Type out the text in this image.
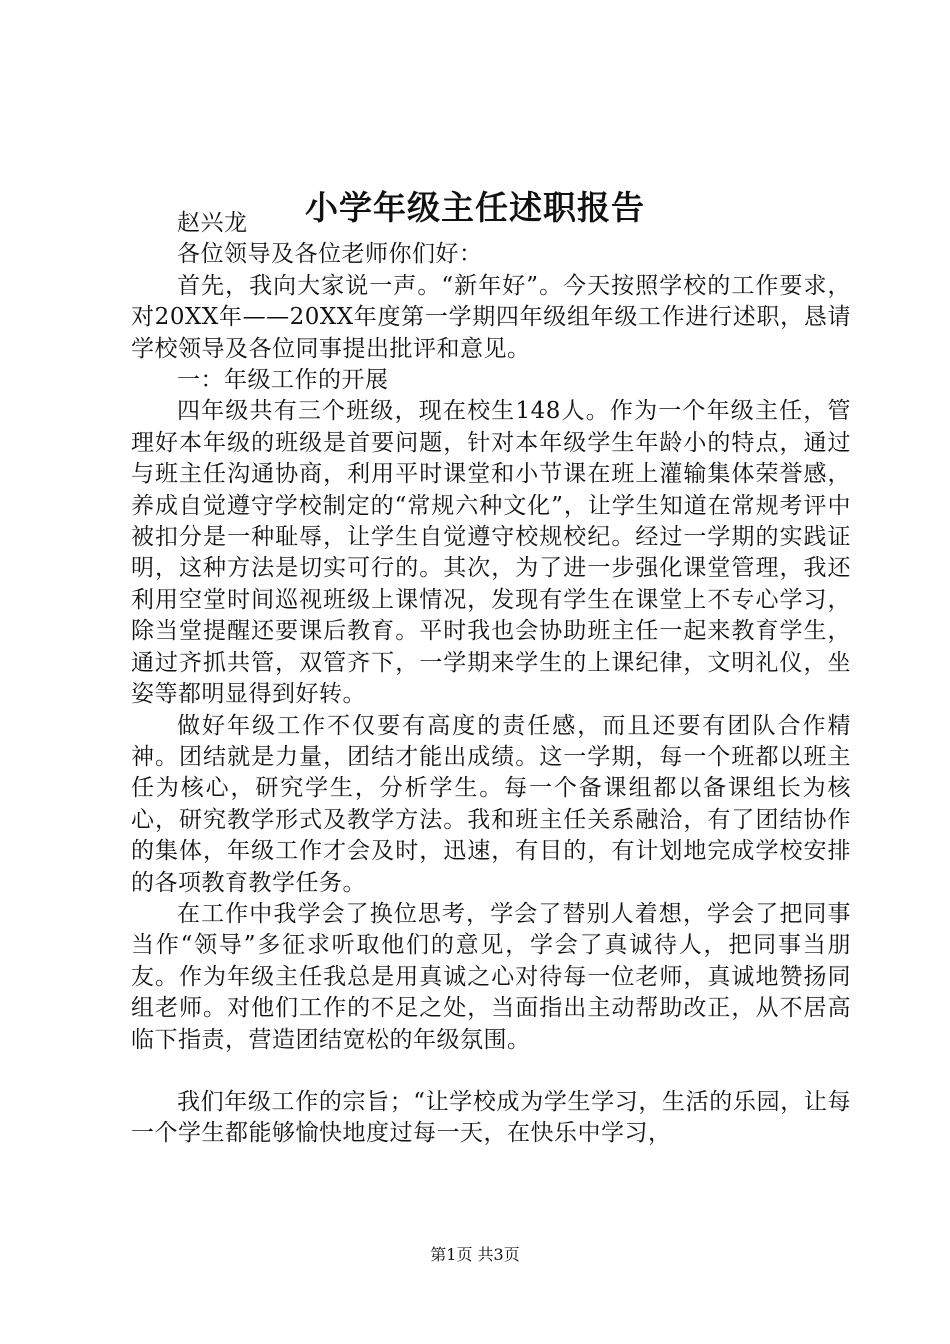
小学年级主任述职报告

赵兴龙

各位领导及各位老师你们好：

首先，我向大家说一声。“新年好”。今天按照学校的工作要求，对20XX年——20XX年度第一学期四年级组年级工作进行述职，恳请学校领导及各位同事提出批评和意见。

一：年级工作的开展

四年级共有三个班级，现在校生148人。作为一个年级主任，管理好本年级的班级是首要问题，针对本年级学生年龄小的特点，通过与班主任沟通协商，利用平时课堂和小节课在班上灌输集体荣誉感，养成自觉遵守学校制定的“常规六种文化”，让学生知道在常规考评中被扣分是一种耻辱，让学生自觉遵守校规校纪。经过一学期的实践证明，这种方法是切实可行的。其次，为了进一步强化课堂管理，我还利用空堂时间巡视班级上课情况，发现有学生在课堂上不专心学习，除当堂提醒还要课后教育。平时我也会协助班主任一起来教育学生，通过齐抓共管，双管齐下，一学期来学生的上课纪律，文明礼仪，坐姿等都明显得到好转。

做好年级工作不仅要有高度的责任感，而且还要有团队合作精神。团结就是力量，团结才能出成绩。这一学期，每一个班都以班主任为核心，研究学生，分析学生。每一个备课组都以备课组长为核心，研究教学形式及教学方法。我和班主任关系融洽，有了团结协作的集体，年级工作才会及时，迅速，有目的，有计划地完成学校安排的各项教育教学任务。

在工作中我学会了换位思考，学会了替别人着想，学会了把同事当作“领导”多征求听取他们的意见，学会了真诚待人，把同事当朋友。作为年级主任我总是用真诚之心对待每一位老师，真诚地赞扬同组老师。对他们工作的不足之处，当面指出主动帮助改正，从不居高临下指责，营造团结宽松的年级氛围。

我们年级工作的宗旨；“让学校成为学生学习，生活的乐园，让每一个学生都能够愉快地度过每一天，在快乐中学习，

第1页 共3页
